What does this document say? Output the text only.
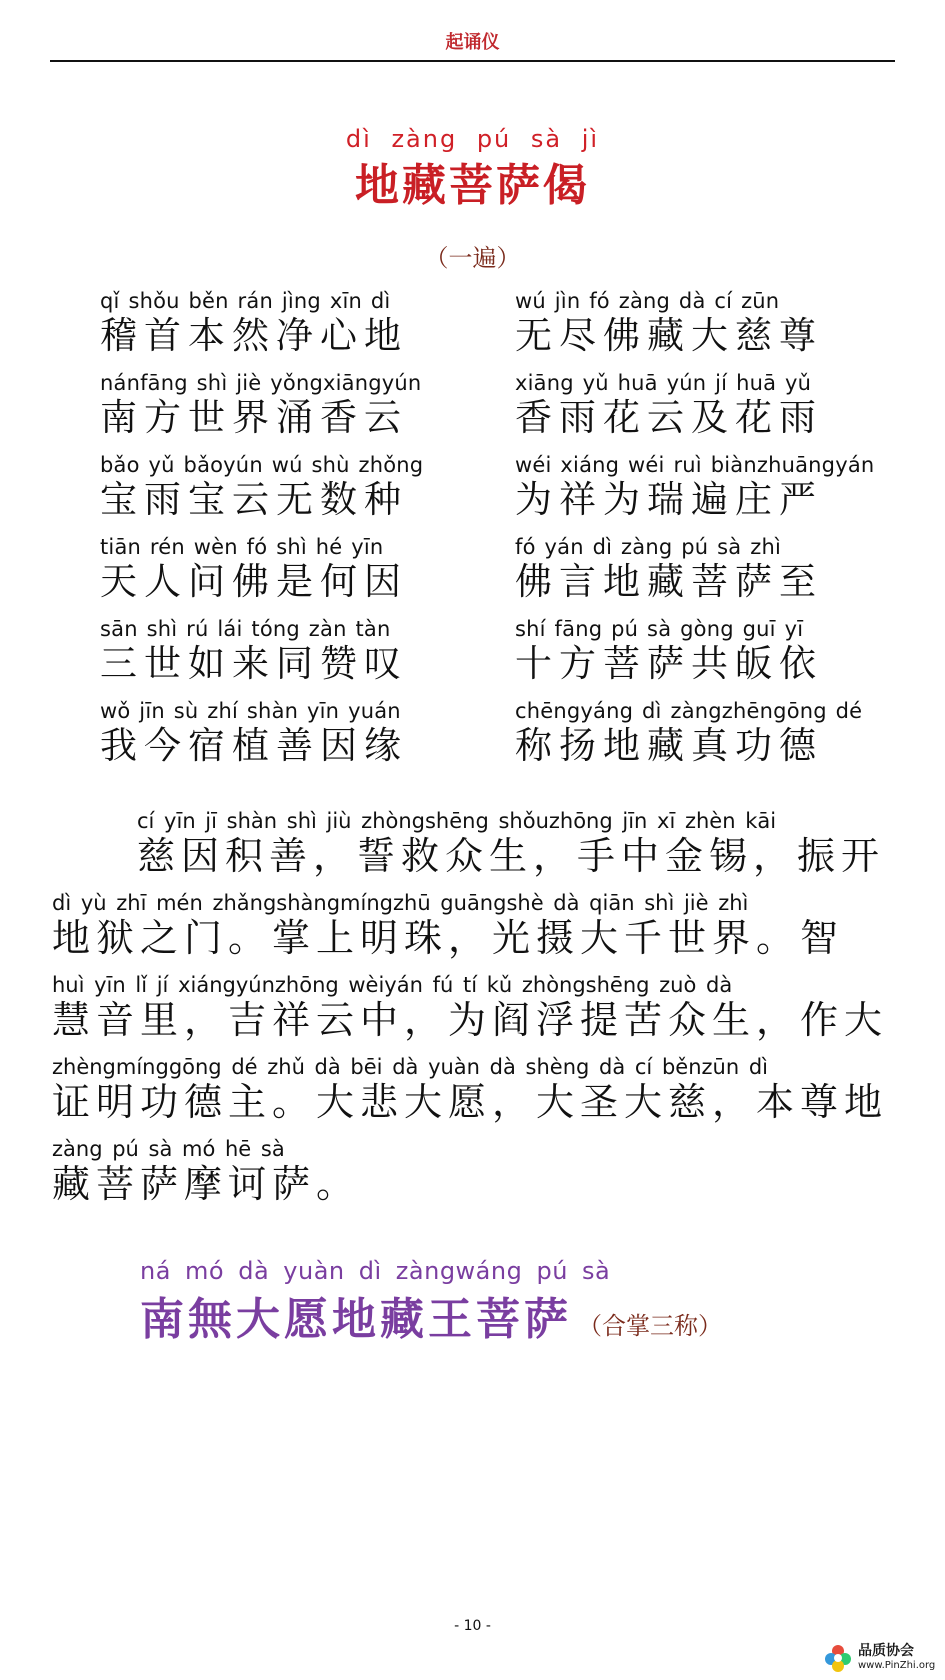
起诵仪
dì zàng pú sà jì
地藏菩萨偈
（一遍）
qǐ shǒu běn rán jìng xīn dì
稽首本然净心地
wú jìn fó zàng dà cí zūn
无尽佛藏大慈尊
nánfāng shì jiè yǒngxiāngyún
南方世界涌香云
xiāng yǔ huā yún jí huā yǔ
香雨花云及花雨
bǎo yǔ bǎoyún wú shù zhǒng
宝雨宝云无数种
wéi xiáng wéi ruì biànzhuāngyán
为祥为瑞遍庄严
tiān rén wèn fó shì hé yīn
天人问佛是何因
fó yán dì zàng pú sà zhì
佛言地藏菩萨至
sān shì rú lái tóng zàn tàn
三世如来同赞叹
shí fāng pú sà gòng guī yī
十方菩萨共皈依
wǒ jīn sù zhí shàn yīn yuán
我今宿植善因缘
chēngyáng dì zàngzhēngōng dé
称扬地藏真功德
cí yīn jī shàn shì jiù zhòngshēng shǒuzhōng jīn xī zhèn kāi
慈因积善，誓救众生，手中金锡，振开
dì yù zhī mén zhǎngshàngmíngzhū guāngshè dà qiān shì jiè zhì
地狱之门。掌上明珠，光摄大千世界。智
huì yīn lǐ jí xiángyúnzhōng wèiyán fú tí kǔ zhòngshēng zuò dà
慧音里，吉祥云中，为阎浮提苦众生，作大
zhèngmínggōng dé zhǔ dà bēi dà yuàn dà shèng dà cí běnzūn dì
证明功德主。大悲大愿，大圣大慈，本尊地
zàng pú sà mó hē sà
藏菩萨摩诃萨。
ná mó dà yuàn dì zàngwáng pú sà
南無大愿地藏王菩萨 （合掌三称）
- 10 -
品质协会
www.PinZhi.org
